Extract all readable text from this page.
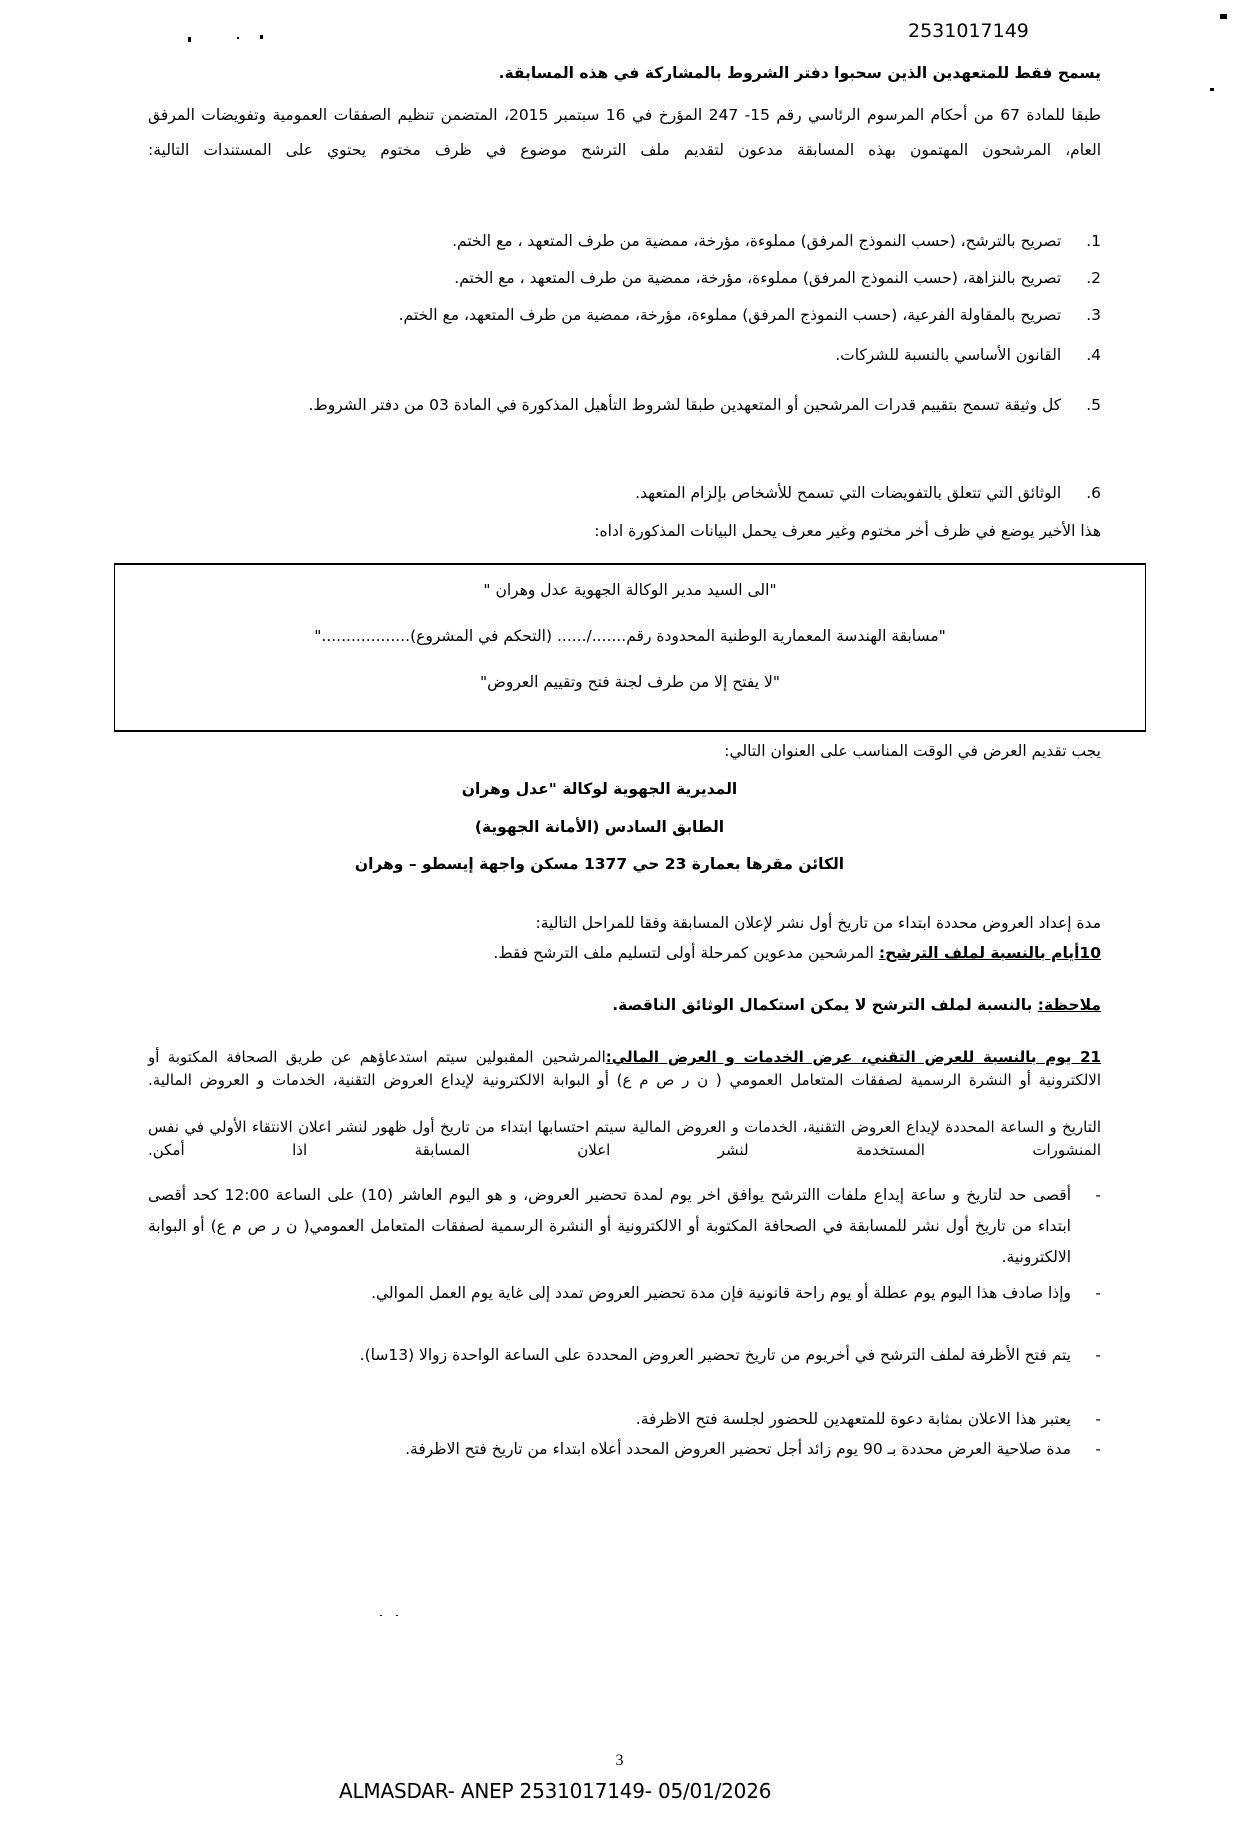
2531017149
يسمح فقط للمتعهدين الذين سحبوا دفتر الشروط بالمشاركة في هذه المسابقة.
طبقا للمادة 67 من أحكام المرسوم الرئاسي رقم 15- 247 المؤرخ في 16 سبتمبر 2015، المتضمن تنظيم الصفقات العمومية وتفويضات المرفق العام، المرشحون المهتمون بهذه المسابقة مدعون لتقديم ملف الترشح موضوع في ظرف مختوم يحتوي على المستندات التالية:
1.

تصريح بالترشح، (حسب النموذج المرفق) مملوءة، مؤرخة، ممضية من طرف المتعهد ، مع الختم.
2.

تصريح بالنزاهة، (حسب النموذج المرفق) مملوءة، مؤرخة، ممضية من طرف المتعهد ، مع الختم.
3.

تصريح بالمقاولة الفرعية، (حسب النموذج المرفق) مملوءة، مؤرخة، ممضية من طرف المتعهد، مع الختم.
4.

القانون الأساسي بالنسبة للشركات.
5.

كل وثيقة تسمح بتقييم قدرات المرشحين أو المتعهدين طبقا لشروط التأهيل المذكورة في المادة 03 من دفتر الشروط.
6.

الوثائق التي تتعلق بالتفويضات التي تسمح للأشخاص بإلزام المتعهد.
هذا الأخير يوضع في ظرف أخر مختوم وغير معرف يحمل البيانات المذكورة اداه:
"الى السيد مدير الوكالة الجهوية عدل وهران "
"مسابقة الهندسة المعمارية الوطنية المحدودة رقم......./...... (التحكم في المشروع).................."
"لا يفتح إلا من طرف لجنة فتح وتقييم العروض"
يجب تقديم العرض في الوقت المناسب على العنوان التالي:
المديرية الجهوية لوكالة "عدل وهران
الطابق السادس (الأمانة الجهوية)
الكائن مقرها بعمارة 23 حي 1377 مسكن واجهة إيسطو – وهران
مدة إعداد العروض محددة ابتداء من تاريخ أول نشر لإعلان المسابقة وفقا للمراحل التالية:
10أيام بالنسبة لملف الترشح: المرشحين مدعوين كمرحلة أولى لتسليم ملف الترشح فقط.
ملاحظة: بالنسبة لملف الترشح لا يمكن استكمال الوثائق الناقصة.
21 يوم بالنسبة للعرض التقني، عرض الخدمات و العرض المالي:المرشحين المقبولين سيتم استدعاؤهم عن طريق الصحافة المكتوبة أو الالكترونية أو النشرة الرسمية لصفقات المتعامل العمومي ( ن ر ص م ع) أو البوابة الالكترونية لإيداع العروض التقنية، الخدمات و العروض المالية.
التاريخ و الساعة المحددة لإيداع العروض التقنية، الخدمات و العروض المالية سيتم احتسابها ابتداء من تاريخ أول ظهور لنشر اعلان الانتقاء الأولي في نفس المنشورات المستخدمة لنشر اعلان المسابقة اذا أمكن.
-
أقصى حد لتاريخ و ساعة إيداع ملفات االترشح يوافق اخر يوم لمدة تحضير العروض، و هو اليوم العاشر (10) على الساعة 12:00 كحد أقصى ابتداء من تاريخ أول نشر للمسابقة في الصحافة المكتوبة أو الالكترونية أو النشرة الرسمية لصفقات المتعامل العمومي( ن ر ص م ع) أو البوابة الالكترونية.
-
وإذا صادف هذا اليوم يوم عطلة أو يوم راحة قانونية فإن مدة تحضير العروض تمدد إلى غاية يوم العمل الموالي.
-
يتم فتح الأظرفة لملف الترشح في أخريوم من تاريخ تحضير العروض المحددة على الساعة الواحدة زوالا (13سا).
-
يعتبر هذا الاعلان بمثابة دعوة للمتعهدين للحضور لجلسة فتح الاظرفة.
-
مدة صلاحية العرض محددة بـ 90 يوم زائد أجل تحضير العروض المحدد أعلاه ابتداء من تاريخ فتح الاظرفة.
3
ALMASDAR- ANEP 2531017149- 05/01/2026
